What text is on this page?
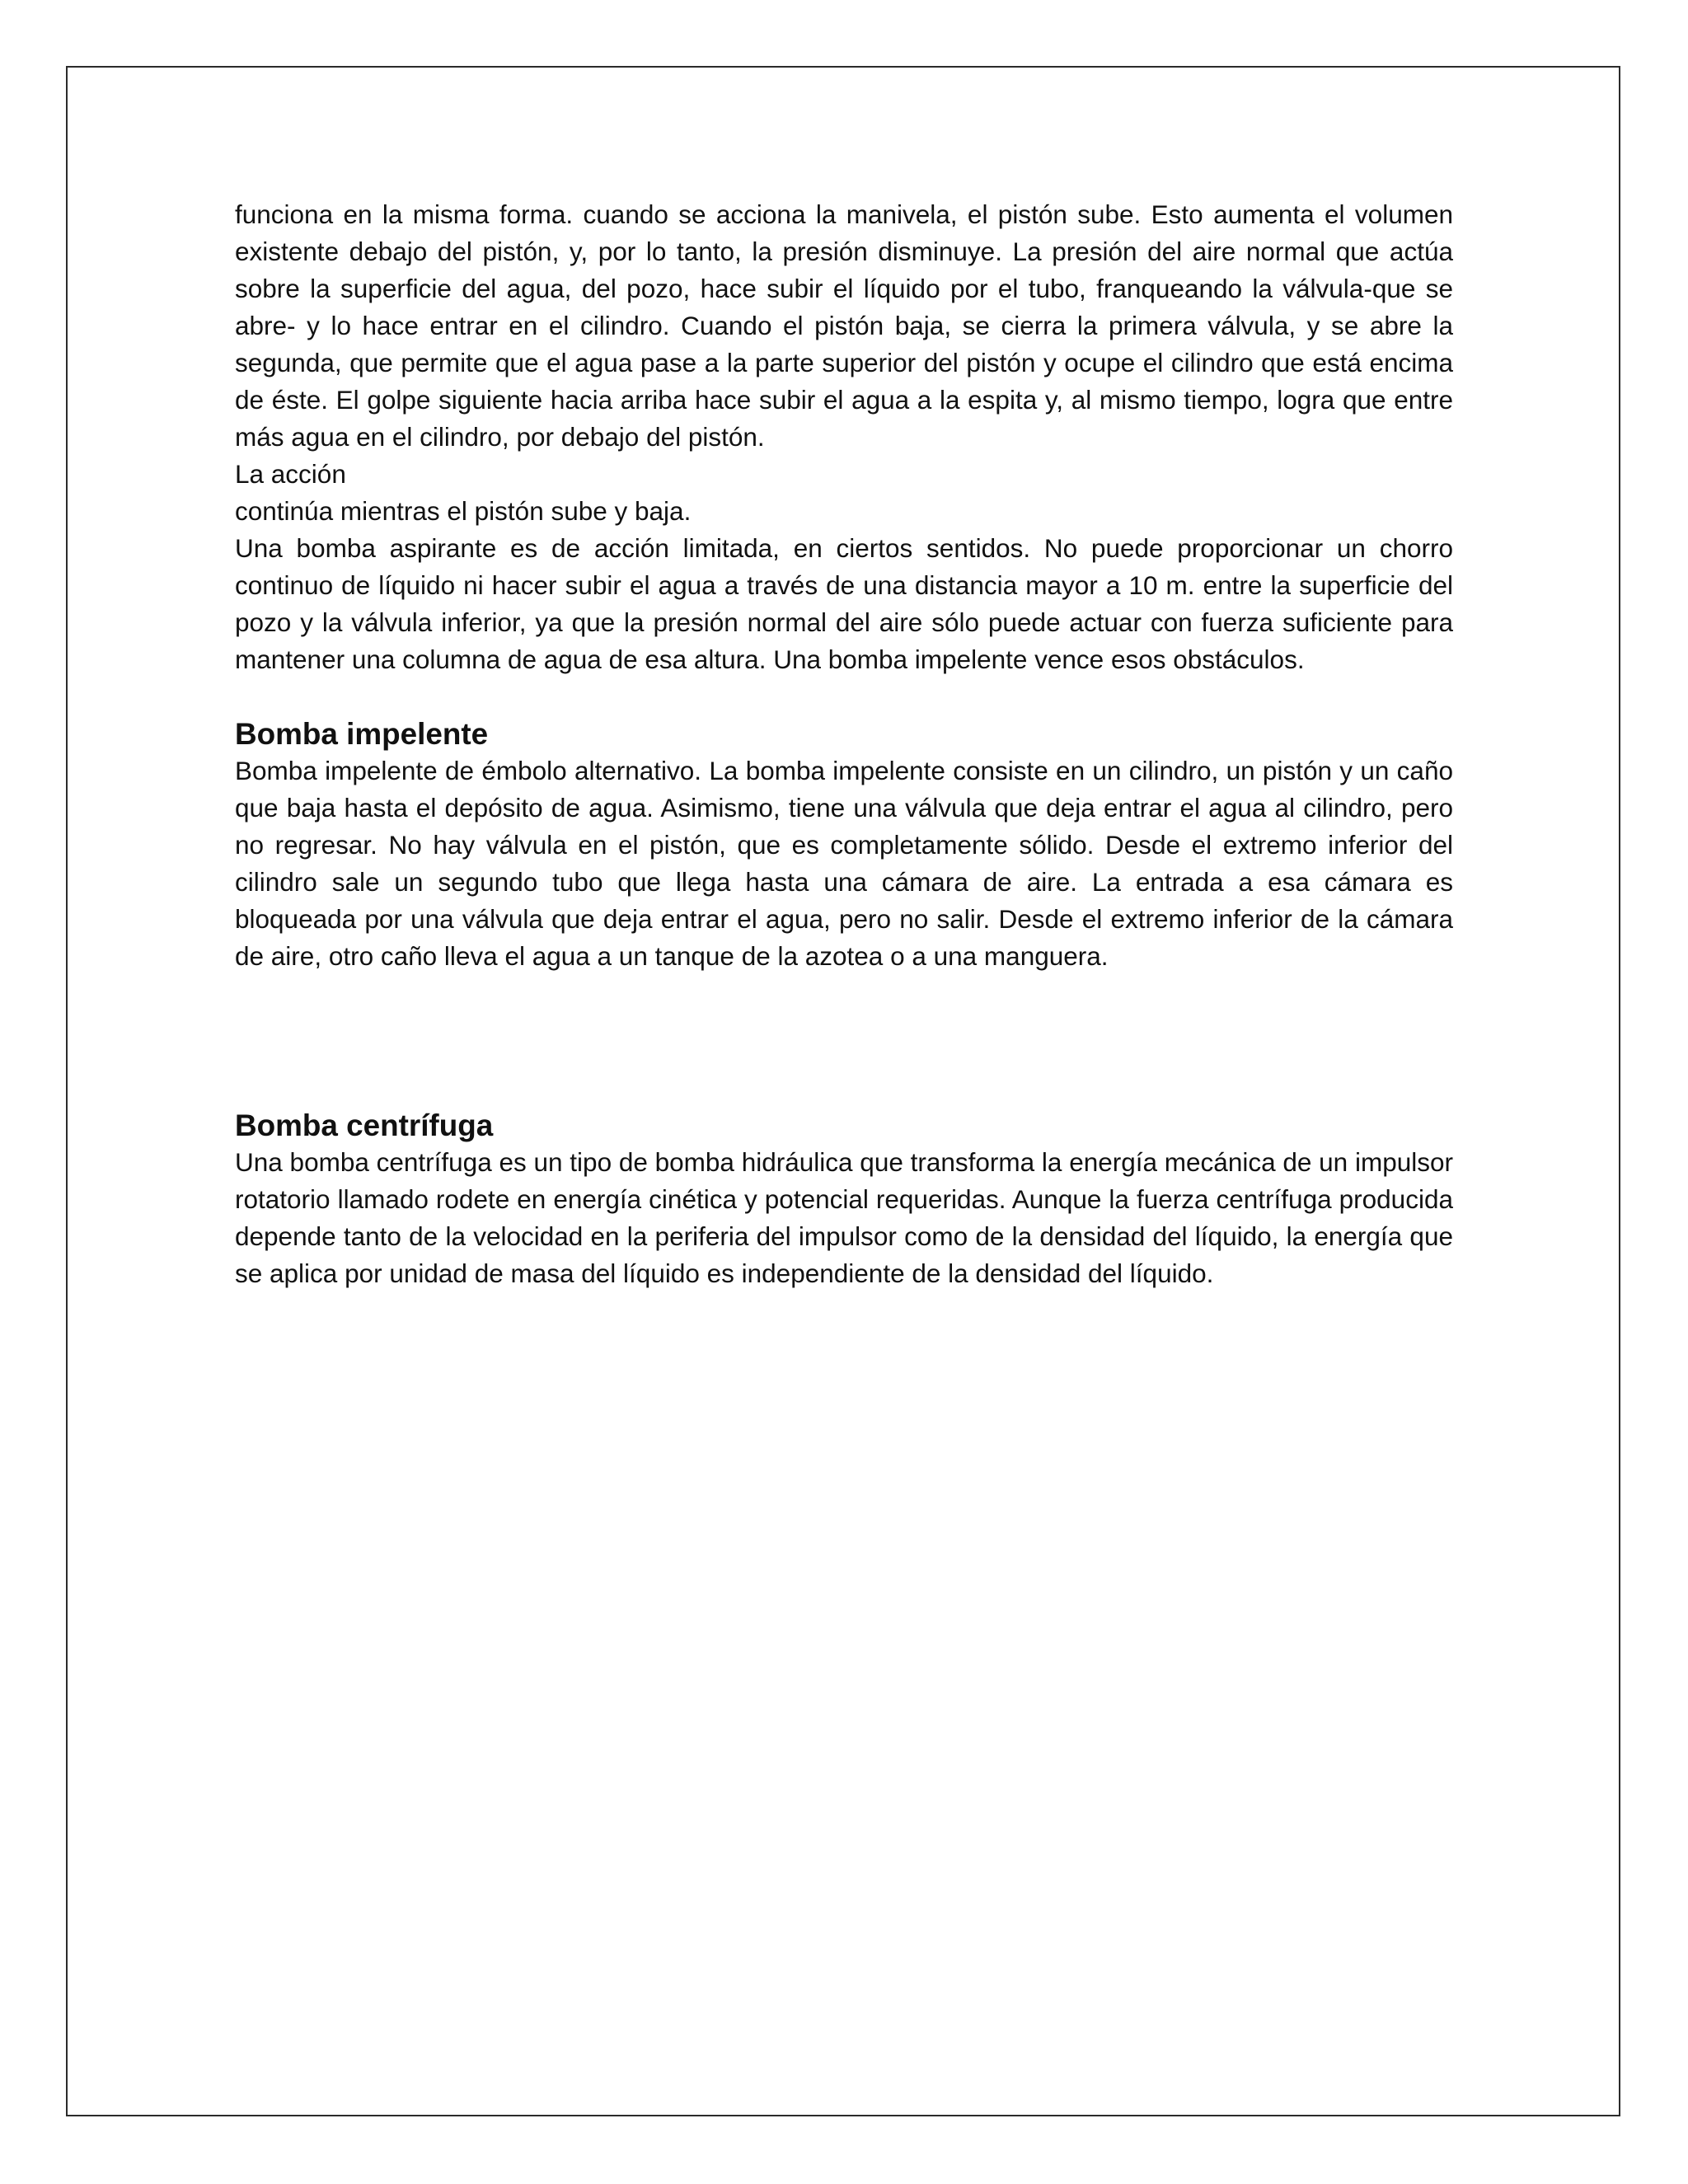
funciona en la misma forma. cuando se acciona la manivela, el pistón sube. Esto aumenta el volumen existente debajo del pistón, y, por lo tanto, la presión disminuye. La presión del aire normal que actúa sobre la superficie del agua, del pozo, hace subir el líquido por el tubo, franqueando la válvula-que se abre- y lo hace entrar en el cilindro. Cuando el pistón baja, se cierra la primera válvula, y se abre la segunda, que permite que el agua pase a la parte superior del pistón y ocupe el cilindro que está encima de éste. El golpe siguiente hacia arriba hace subir el agua a la espita y, al mismo tiempo, logra que entre más agua en el cilindro, por debajo del pistón.

La acción

continúa mientras el pistón sube y baja.

Una bomba aspirante es de acción limitada, en ciertos sentidos. No puede proporcionar un chorro continuo de líquido ni hacer subir el agua a través de una distancia mayor a 10 m. entre la superficie del pozo y la válvula inferior, ya que la presión normal del aire sólo puede actuar con fuerza suficiente para mantener una columna de agua de esa altura. Una bomba impelente vence esos obstáculos.

Bomba impelente

Bomba impelente de émbolo alternativo. La bomba impelente consiste en un cilindro, un pistón y un caño que baja hasta el depósito de agua. Asimismo, tiene una válvula que deja entrar el agua al cilindro, pero no regresar. No hay válvula en el pistón, que es completamente sólido. Desde el extremo inferior del cilindro sale un segundo tubo que llega hasta una cámara de aire. La entrada a esa cámara es bloqueada por una válvula que deja entrar el agua, pero no salir. Desde el extremo inferior de la cámara de aire, otro caño lleva el agua a un tanque de la azotea o a una manguera.

Bomba centrífuga

Una bomba centrífuga es un tipo de bomba hidráulica que transforma la energía mecánica de un impulsor rotatorio llamado rodete en energía cinética y potencial requeridas. Aunque la fuerza centrífuga producida depende tanto de la velocidad en la periferia del impulsor como de la densidad del líquido, la energía que se aplica por unidad de masa del líquido es independiente de la densidad del líquido.
